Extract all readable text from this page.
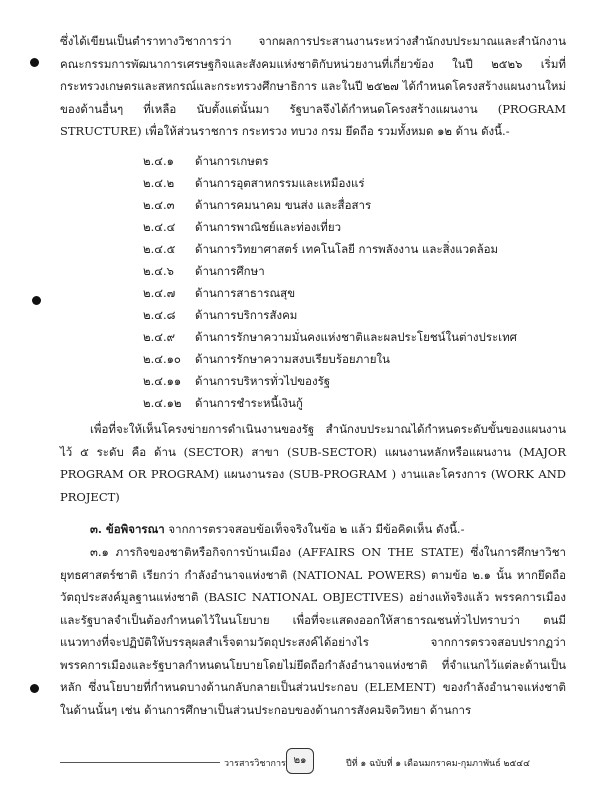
ซึ่งได้เขียนเป็นตำราทางวิชาการว่า จากผลการประสานงานระหว่างสำนักงบประมาณและสำนักงานคณะกรรมการพัฒนาการเศรษฐกิจและสังคมแห่งชาติกับหน่วยงานที่เกี่ยวข้อง ในปี ๒๕๒๖ เริ่มที่กระทรวงเกษตรและสหกรณ์และกระทรวงศึกษาธิการ และในปี ๒๕๒๗ ได้กำหนดโครงสร้างแผนงานใหม่ของด้านอื่นๆ ที่เหลือ นับตั้งแต่นั้นมา รัฐบาลจึงได้กำหนดโครงสร้างแผนงาน (PROGRAM STRUCTURE) เพื่อให้ส่วนราชการ กระทรวง ทบวง กรม ยึดถือ รวมทั้งหมด ๑๒ ด้าน ดังนี้.-

๒.๔.๑ ด้านการเกษตร
๒.๔.๒ ด้านการอุตสาหกรรมและเหมืองแร่
๒.๔.๓ ด้านการคมนาคม ขนส่ง และสื่อสาร
๒.๔.๔ ด้านการพาณิชย์และท่องเที่ยว
๒.๔.๕ ด้านการวิทยาศาสตร์ เทคโนโลยี การพลังงาน และสิ่งแวดล้อม
๒.๔.๖ ด้านการศึกษา
๒.๔.๗ ด้านการสาธารณสุข
๒.๔.๘ ด้านการบริการสังคม
๒.๔.๙ ด้านการรักษาความมั่นคงแห่งชาติและผลประโยชน์ในต่างประเทศ
๒.๔.๑๐ ด้านการรักษาความสงบเรียบร้อยภายใน
๒.๔.๑๑ ด้านการบริหารทั่วไปของรัฐ
๒.๔.๑๒ ด้านการชำระหนี้เงินกู้

เพื่อที่จะให้เห็นโครงข่ายการดำเนินงานของรัฐ สำนักงบประมาณได้กำหนดระดับขั้นของแผนงานไว้ ๕ ระดับ คือ ด้าน (SECTOR) สาขา (SUB-SECTOR) แผนงานหลักหรือแผนงาน (MAJOR PROGRAM OR PROGRAM) แผนงานรอง (SUB-PROGRAM ) งานและโครงการ (WORK AND PROJECT)

๓. ข้อพิจารณา จากการตรวจสอบข้อเท็จจริงในข้อ ๒ แล้ว มีข้อคิดเห็น ดังนี้.-

๓.๑ ภารกิจของชาติหรือกิจการบ้านเมือง (AFFAIRS ON THE STATE) ซึ่งในการศึกษาวิชายุทธศาสตร์ชาติ เรียกว่า กำลังอำนาจแห่งชาติ (NATIONAL POWERS) ตามข้อ ๒.๑ นั้น หากยึดถือวัตถุประสงค์มูลฐานแห่งชาติ (BASIC NATIONAL OBJECTIVES) อย่างแท้จริงแล้ว พรรคการเมืองและรัฐบาลจำเป็นต้องกำหนดไว้ในนโยบาย เพื่อที่จะแสดงออกให้สาธารณชนทั่วไปทราบว่า ตนมีแนวทางที่จะปฏิบัติให้บรรลุผลสำเร็จตามวัตถุประสงค์ได้อย่างไร จากการตรวจสอบปรากฏว่า พรรคการเมืองและรัฐบาลกำหนดนโยบายโดยไม่ยึดถือกำลังอำนาจแห่งชาติ ที่จำแนกไว้แต่ละด้านเป็นหลัก ซึ่งนโยบายที่กำหนดบางด้านกลับกลายเป็นส่วนประกอบ (ELEMENT) ของกำลังอำนาจแห่งชาติในด้านนั้นๆ เช่น ด้านการศึกษาเป็นส่วนประกอบของด้านการสังคมจิตวิทยา ด้านการ

วารสารวิชาการ ๒๑	ปีที่ ๑ ฉบับที่ ๑ เดือนมกราคม-กุมภาพันธ์ ๒๕๔๔
